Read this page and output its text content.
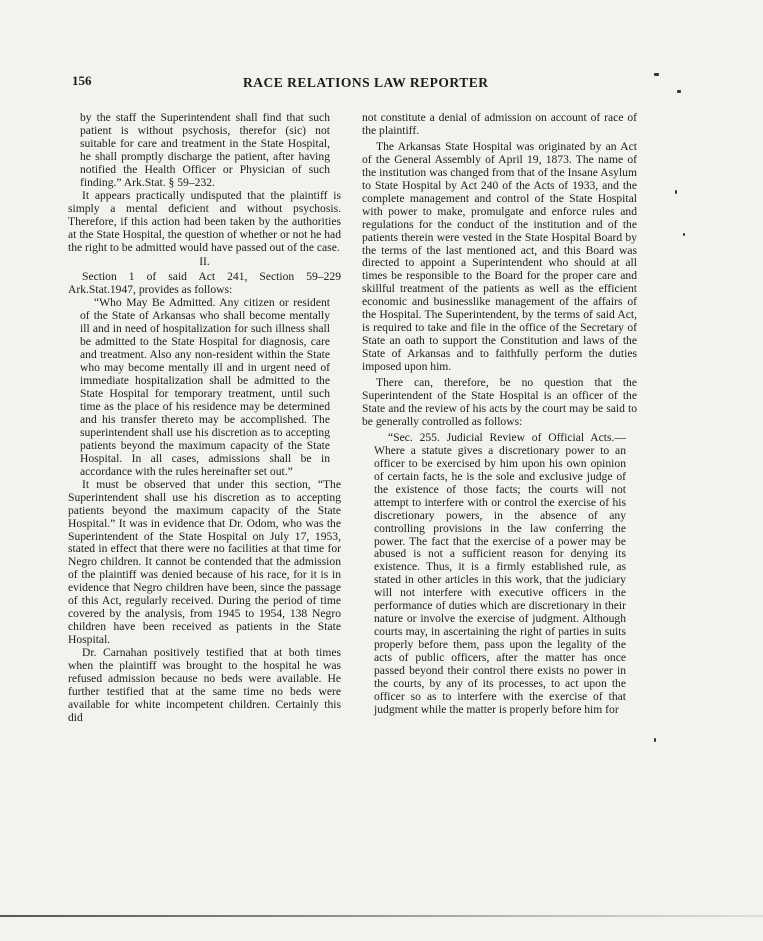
156	RACE RELATIONS LAW REPORTER

by the staff the Superintendent shall find that such patient is without psychosis, therefor (sic) not suitable for care and treatment in the State Hospital, he shall promptly discharge the patient, after having notified the Health Officer or Physician of such finding.” Ark.Stat. § 59–232.

It appears practically undisputed that the plaintiff is simply a mental deficient and without psychosis. Therefore, if this action had been taken by the authorities at the State Hospital, the question of whether or not he had the right to be admitted would have passed out of the case.

II.

Section 1 of said Act 241, Section 59–229 Ark.Stat.1947, provides as follows:

“Who May Be Admitted. Any citizen or resident of the State of Arkansas who shall become mentally ill and in need of hospitalization for such illness shall be admitted to the State Hospital for diagnosis, care and treatment. Also any non-resident within the State who may become mentally ill and in urgent need of immediate hospitalization shall be admitted to the State Hospital for temporary treatment, until such time as the place of his residence may be determined and his transfer thereto may be accomplished. The superintendent shall use his discretion as to accepting patients beyond the maximum capacity of the State Hospital. In all cases, admissions shall be in accordance with the rules hereinafter set out.”

It must be observed that under this section, “The Superintendent shall use his discretion as to accepting patients beyond the maximum capacity of the State Hospital.” It was in evidence that Dr. Odom, who was the Superintendent of the State Hospital on July 17, 1953, stated in effect that there were no facilities at that time for Negro children. It cannot be contended that the admission of the plaintiff was denied because of his race, for it is in evidence that Negro children have been, since the passage of this Act, regularly received. During the period of time covered by the analysis, from 1945 to 1954, 138 Negro children have been received as patients in the State Hospital.

Dr. Carnahan positively testified that at both times when the plaintiff was brought to the hospital he was refused admission because no beds were available. He further testified that at the same time no beds were available for white incompetent children. Certainly this did

not constitute a denial of admission on account of race of the plaintiff.

The Arkansas State Hospital was originated by an Act of the General Assembly of April 19, 1873. The name of the institution was changed from that of the Insane Asylum to State Hospital by Act 240 of the Acts of 1933, and the complete management and control of the State Hospital with power to make, promulgate and enforce rules and regulations for the conduct of the institution and of the patients therein were vested in the State Hospital Board by the terms of the last mentioned act, and this Board was directed to appoint a Superintendent who should at all times be responsible to the Board for the proper care and skillful treatment of the patients as well as the efficient economic and businesslike management of the affairs of the Hospital. The Superintendent, by the terms of said Act, is required to take and file in the office of the Secretary of State an oath to support the Constitution and laws of the State of Arkansas and to faithfully perform the duties imposed upon him.

There can, therefore, be no question that the Superintendent of the State Hospital is an officer of the State and the review of his acts by the court may be said to be generally controlled as follows:

“Sec. 255. Judicial Review of Official Acts.—Where a statute gives a discretionary power to an officer to be exercised by him upon his own opinion of certain facts, he is the sole and exclusive judge of the existence of those facts; the courts will not attempt to interfere with or control the exercise of his discretionary powers, in the absence of any controlling provisions in the law conferring the power. The fact that the exercise of a power may be abused is not a sufficient reason for denying its existence. Thus, it is a firmly established rule, as stated in other articles in this work, that the judiciary will not interfere with executive officers in the performance of duties which are discretionary in their nature or involve the exercise of judgment. Although courts may, in ascertaining the right of parties in suits properly before them, pass upon the legality of the acts of public officers, after the matter has once passed beyond their control there exists no power in the courts, by any of its processes, to act upon the officer so as to interfere with the exercise of that judgment while the matter is properly before him for
